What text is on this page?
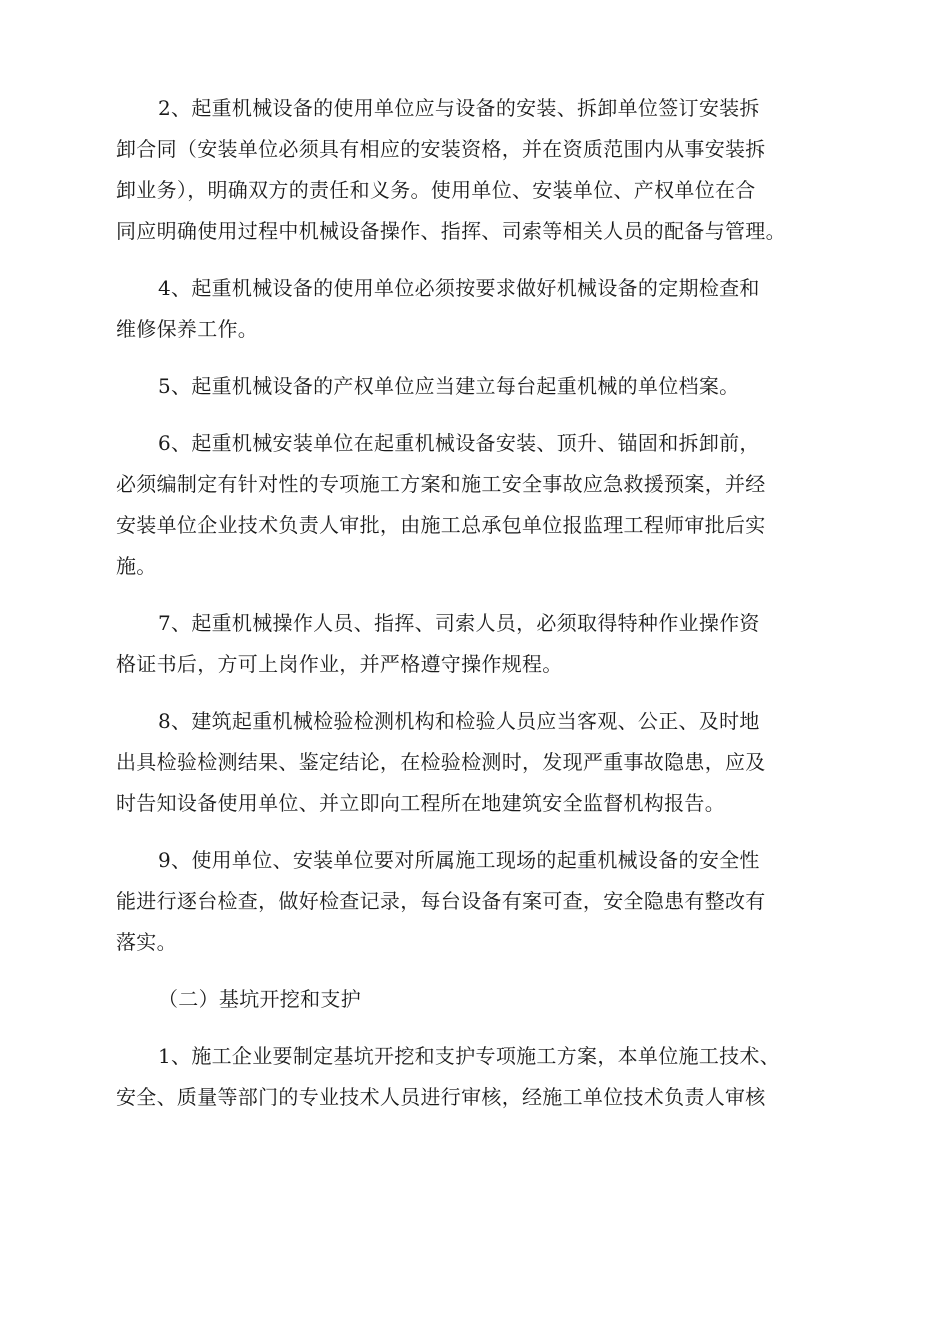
2、起重机械设备的使用单位应与设备的安装、拆卸单位签订安装拆
卸合同（安装单位必须具有相应的安装资格，并在资质范围内从事安装拆
卸业务），明确双方的责任和义务。使用单位、安装单位、产权单位在合
同应明确使用过程中机械设备操作、指挥、司索等相关人员的配备与管理。

4、起重机械设备的使用单位必须按要求做好机械设备的定期检查和
维修保养工作。

5、起重机械设备的产权单位应当建立每台起重机械的单位档案。

6、起重机械安装单位在起重机械设备安装、顶升、锚固和拆卸前，
必须编制定有针对性的专项施工方案和施工安全事故应急救援预案，并经
安装单位企业技术负责人审批，由施工总承包单位报监理工程师审批后实
施。

7、起重机械操作人员、指挥、司索人员，必须取得特种作业操作资
格证书后，方可上岗作业，并严格遵守操作规程。

8、建筑起重机械检验检测机构和检验人员应当客观、公正、及时地
出具检验检测结果、鉴定结论，在检验检测时，发现严重事故隐患，应及
时告知设备使用单位、并立即向工程所在地建筑安全监督机构报告。

9、使用单位、安装单位要对所属施工现场的起重机械设备的安全性
能进行逐台检查，做好检查记录，每台设备有案可查，安全隐患有整改有
落实。

（二）基坑开挖和支护

1、施工企业要制定基坑开挖和支护专项施工方案，本单位施工技术、
安全、质量等部门的专业技术人员进行审核，经施工单位技术负责人审核
